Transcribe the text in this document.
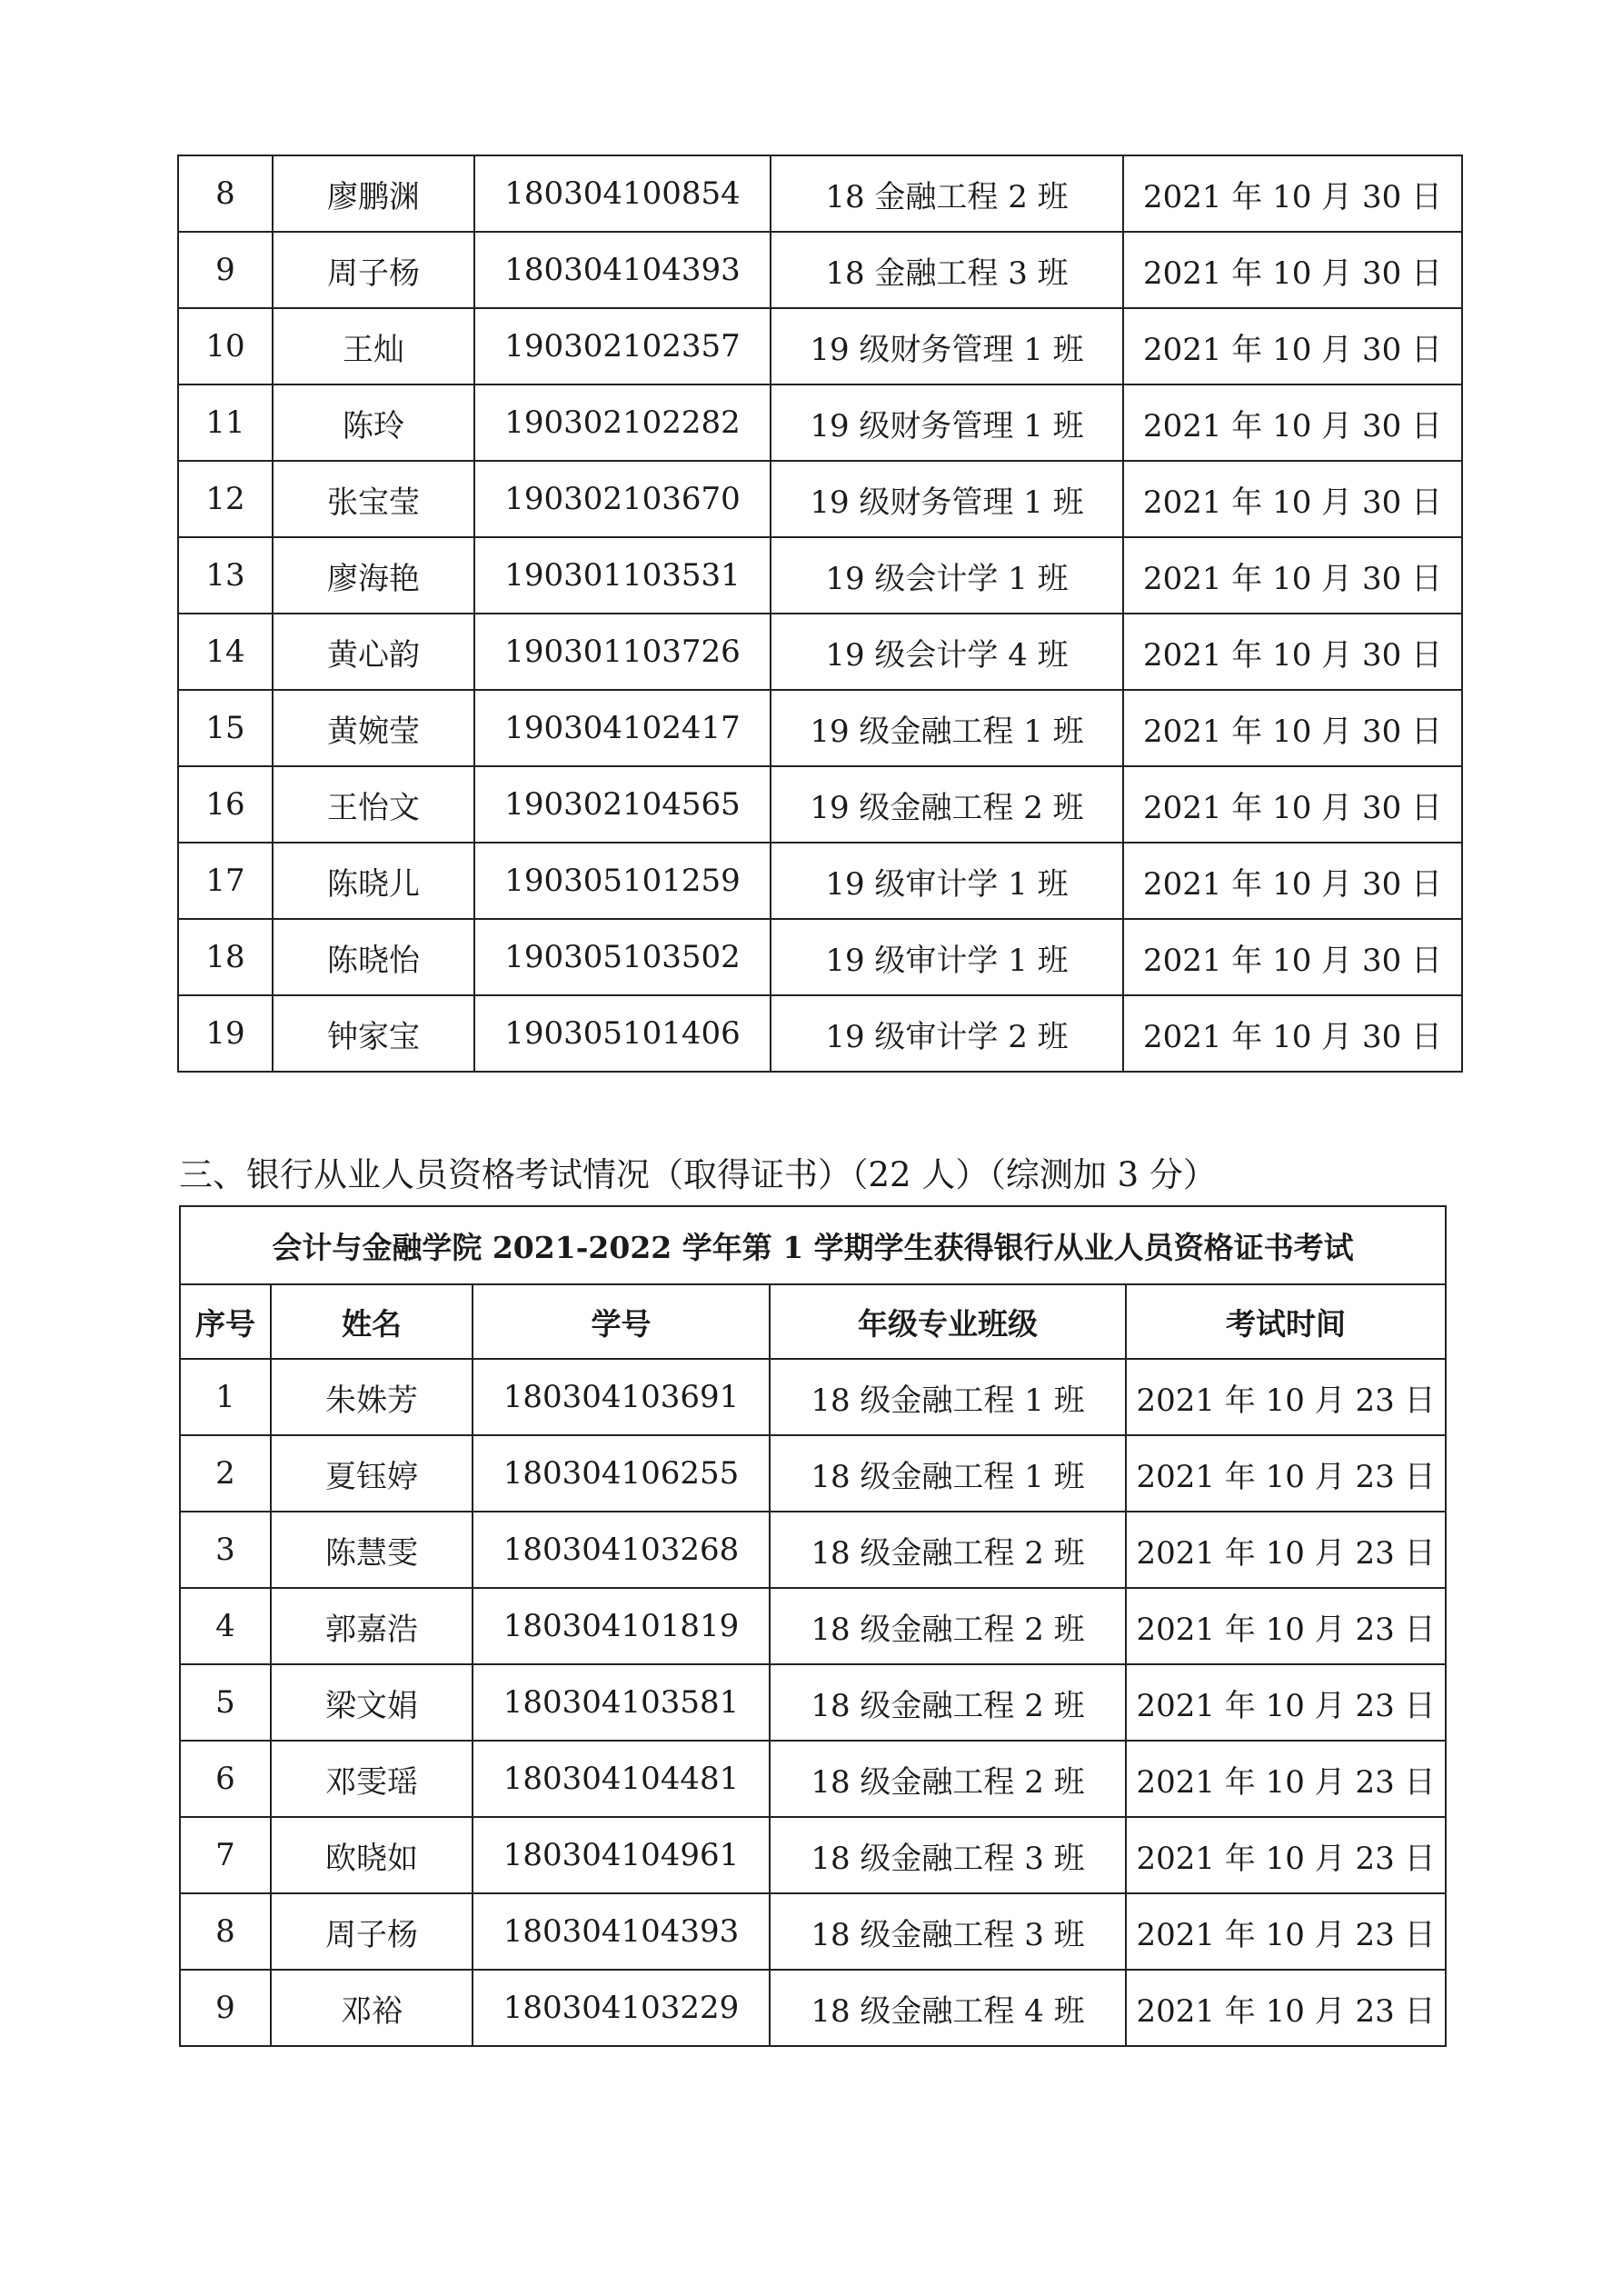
8	廖鹏渊	180304100854	18 金融工程 2 班	2021 年 10 月 30 日
9	周子杨	180304104393	18 金融工程 3 班	2021 年 10 月 30 日
10	王灿	190302102357	19 级财务管理 1 班	2021 年 10 月 30 日
11	陈玲	190302102282	19 级财务管理 1 班	2021 年 10 月 30 日
12	张宝莹	190302103670	19 级财务管理 1 班	2021 年 10 月 30 日
13	廖海艳	190301103531	19 级会计学 1 班	2021 年 10 月 30 日
14	黄心韵	190301103726	19 级会计学 4 班	2021 年 10 月 30 日
15	黄婉莹	190304102417	19 级金融工程 1 班	2021 年 10 月 30 日
16	王怡文	190302104565	19 级金融工程 2 班	2021 年 10 月 30 日
17	陈晓儿	190305101259	19 级审计学 1 班	2021 年 10 月 30 日
18	陈晓怡	190305103502	19 级审计学 1 班	2021 年 10 月 30 日
19	钟家宝	190305101406	19 级审计学 2 班	2021 年 10 月 30 日

三、银行从业人员资格考试情况（取得证书）（22 人）（综测加 3 分）

会计与金融学院 2021-2022 学年第 1 学期学生获得银行从业人员资格证书考试				
序号	姓名	学号	年级专业班级	考试时间
1	朱姝芳	180304103691	18 级金融工程 1 班	2021 年 10 月 23 日
2	夏钰婷	180304106255	18 级金融工程 1 班	2021 年 10 月 23 日
3	陈慧雯	180304103268	18 级金融工程 2 班	2021 年 10 月 23 日
4	郭嘉浩	180304101819	18 级金融工程 2 班	2021 年 10 月 23 日
5	梁文娟	180304103581	18 级金融工程 2 班	2021 年 10 月 23 日
6	邓雯瑶	180304104481	18 级金融工程 2 班	2021 年 10 月 23 日
7	欧晓如	180304104961	18 级金融工程 3 班	2021 年 10 月 23 日
8	周子杨	180304104393	18 级金融工程 3 班	2021 年 10 月 23 日
9	邓裕	180304103229	18 级金融工程 4 班	2021 年 10 月 23 日
